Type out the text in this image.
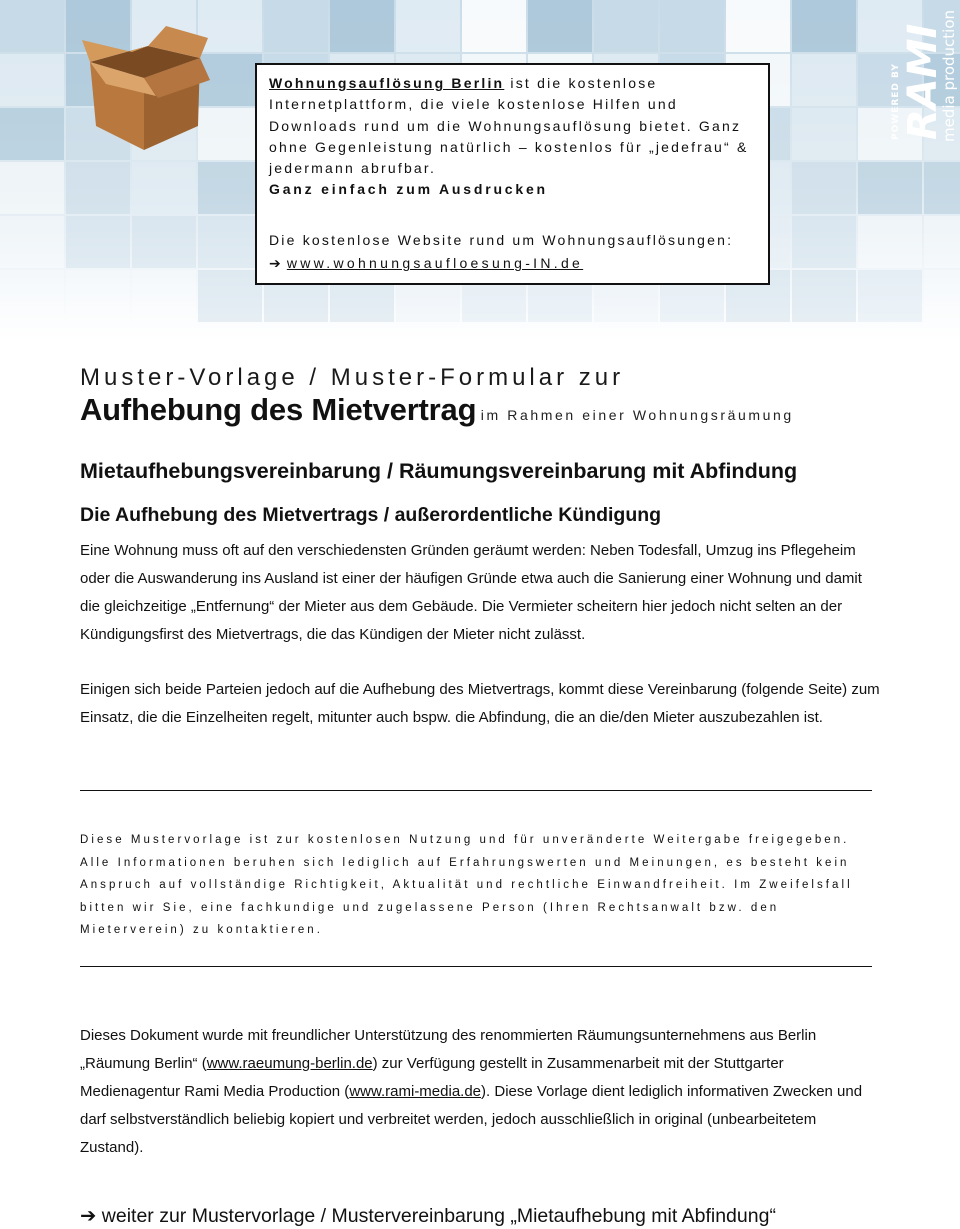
POWERED BY RAMI
media production

Wohnungsauflösung Berlin ist die kostenlose Internetplattform, die viele kostenlose Hilfen und Downloads rund um die Wohnungsauflösung bietet. Ganz ohne Gegenleistung natürlich – kostenlos für „jedefrau“ & jedermann abrufbar.

Ganz einfach zum Ausdrucken

Die kostenlose Website rund um Wohnungsauflösungen:

➔ www.wohnungsaufloesung-IN.de

Muster-Vorlage / Muster-Formular zur
Aufhebung des Mietvertrag im Rahmen einer Wohnungsräumung
Mietaufhebungsvereinbarung / Räumungsvereinbarung mit Abfindung
Die Aufhebung des Mietvertrags / außerordentliche Kündigung

Eine Wohnung muss oft auf den verschiedensten Gründen geräumt werden: Neben Todesfall, Umzug ins Pflegeheim oder die Auswanderung ins Ausland ist einer der häufigen Gründe etwa auch die Sanierung einer Wohnung und damit die gleichzeitige „Entfernung“ der Mieter aus dem Gebäude. Die Vermieter scheitern hier jedoch nicht selten an der Kündigungsfirst des Mietvertrags, die das Kündigen der Mieter nicht zulässt.

Einigen sich beide Parteien jedoch auf die Aufhebung des Mietvertrags, kommt diese Vereinbarung (folgende Seite) zum Einsatz, die die Einzelheiten regelt, mitunter auch bspw. die Abfindung, die an die/den Mieter auszubezahlen ist.

Diese Mustervorlage ist zur kostenlosen Nutzung und für unveränderte Weitergabe freigegeben. Alle Informationen beruhen sich lediglich auf Erfahrungswerten und Meinungen, es besteht kein Anspruch auf vollständige Richtigkeit, Aktualität und rechtliche Einwandfreiheit. Im Zweifelsfall bitten wir Sie, eine fachkundige und zugelassene Person (Ihren Rechtsanwalt bzw. den Mieterverein) zu kontaktieren.

Dieses Dokument wurde mit freundlicher Unterstützung des renommierten Räumungsunternehmens aus Berlin „Räumung Berlin“ (www.raeumung-berlin.de) zur Verfügung gestellt in Zusammenarbeit mit der Stuttgarter Medienagentur Rami Media Production (www.rami-media.de). Diese Vorlage dient lediglich informativen Zwecken und darf selbstverständlich beliebig kopiert und verbreitet werden, jedoch ausschließlich in original (unbearbeitetem Zustand).

➔ weiter zur Mustervorlage / Mustervereinbarung „Mietaufhebung mit Abfindung“
